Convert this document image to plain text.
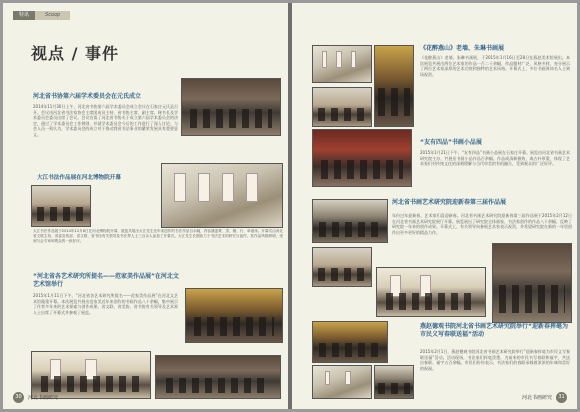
特讯	Scoop
视点 / 事件
河北省书协第六届学术委员会在元氏成立
2014年11月30日上午，河北省书协第六届学术委员会成立会议在石家庄元氏县召开。会议由河北省书法家协会主席团成员主持，省书协主席、副主席、秘书长及学术委员会委员出席了会议。会议宣读了河北省书协关于成立第六届学术委员会的决定，通过了学术委员会工作规则，并就学术委员会今后的工作进行了深入讨论。与会人员一致认为，学术委员会的成立对于推动我省书法事业的繁荣发展具有重要意义。
大江书法作品展在河北博物院开幕
大江书法作品展于2014年12月8日在河北博物院开幕，展览共展出大江先生近年来创作的书法作品百余幅，内容涵盖篆、隶、楷、行、草诸体。开幕式由河北省文联主持，省委宣传部、省文联、省书协有关领导及书法界人士三百余人参加了开幕式。大江先生长期致力于书法艺术的研究与创作，其作品风格鲜明，受到与会专家和观众的一致好评。
“河北省各艺术研究所提名——范家美作品展”在河北文艺术馆举行
2015年1月11日下午，“河北省各艺术研究所提名——范家美作品展”在河北文艺术馆隆重开幕。本次展览共展出范家美近年来创作的书画作品八十余幅，集中展示了作者多年来的艺术探索与创作成果。省文联、省美协、省书协有关领导及艺术界人士出席了开幕式并参观了展览。
30	河北书画研究
《花醉燕山》老墙、朱琳书画展
《花醉燕山》老墙、朱琳书画展，于2015年1月16日至28日在燕赵美术馆展出。本次展览共展出两位艺术家的作品一百二十余幅，作品题材广泛，风格多样，充分展示了两位艺术家深厚的艺术功底和独特的艺术风格。开幕式上，多位书画界知名人士到场祝贺。
“友有四品”书画小品展
2015年1月21日下午，“友有四品”书画小品展在石家庄开幕。展览由河北省书画艺术研究院主办，共展出书画小品作品百余幅。作品或清新雅致，或古朴厚重，体现了艺术家们对传统文化的深刻理解与当代审美的有机融合，受到观众的广泛好评。
河北省书画艺术研究院迎新春第三届作品展
年份过年迎新春，艺术家们喜迎新春。河北省书画艺术研究院迎新春第三届作品展于2015年2月12日在河北省书画艺术研究院展厅开幕。展览展出了研究院全体画家、书法家创作的作品八十余幅，反映了研究院一年来的创作成果。开幕式上，有关领导向参展艺术家表示祝贺，并希望研究院在新的一年里创作出更多更好的精品力作。
燕赵德观书院河北省书画艺术研究院举行“迎新春挥毫为市民义写春联送福”活动
2015年2月1日，燕赵德观书院河北省书画艺术研究院举行“迎新春挥毫为市民义写春联送福”活动。活动现场，书法家们挥毫泼墨，为前来的市民书写春联和福字，共送出春联、福字五百余幅。市民们纷纷表示，书法家们的春联承载着浓浓的年味和美好的祝福。
河北书画研究	31
